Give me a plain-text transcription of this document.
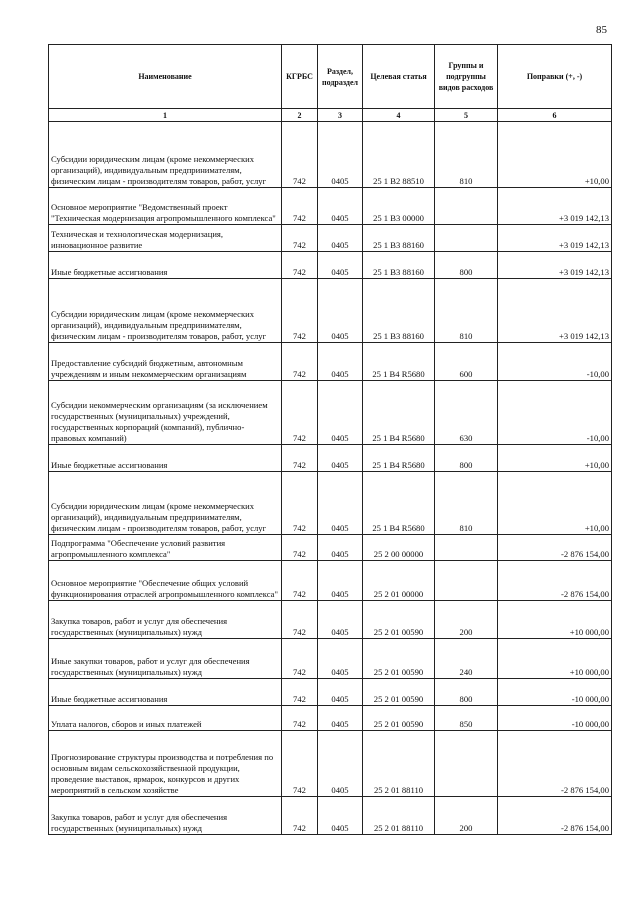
85
Наименование	КГРБС	Раздел, подраздел	Целевая статья	Группы и подгруппы видов расходов	Поправки (+, -)
1	2	3	4	5	6
Субсидии юридическим лицам (кроме некоммерческих организаций), индивидуальным предпринимателям, физическим лицам - производителям товаров, работ, услуг	742	0405	25 1 B2 88510	810	+10,00
Основное мероприятие "Ведомственный проект "Техническая модернизация агропромышленного комплекса"	742	0405	25 1 B3 00000		+3 019 142,13
Техническая и технологическая модернизация, инновационное развитие	742	0405	25 1 B3 88160		+3 019 142,13
Иные бюджетные ассигнования	742	0405	25 1 B3 88160	800	+3 019 142,13
Субсидии юридическим лицам (кроме некоммерческих организаций), индивидуальным предпринимателям, физическим лицам - производителям товаров, работ, услуг	742	0405	25 1 B3 88160	810	+3 019 142,13
Предоставление субсидий бюджетным, автономным учреждениям и иным некоммерческим организациям	742	0405	25 1 B4 R5680	600	-10,00
Субсидии некоммерческим организациям (за исключением государственных (муниципальных) учреждений, государственных корпораций (компаний), публично-правовых компаний)	742	0405	25 1 B4 R5680	630	-10,00
Иные бюджетные ассигнования	742	0405	25 1 B4 R5680	800	+10,00
Субсидии юридическим лицам (кроме некоммерческих организаций), индивидуальным предпринимателям, физическим лицам - производителям товаров, работ, услуг	742	0405	25 1 B4 R5680	810	+10,00
Подпрограмма "Обеспечение условий развития агропромышленного комплекса"	742	0405	25 2 00 00000		-2 876 154,00
Основное мероприятие "Обеспечение общих условий функционирования отраслей агропромышленного комплекса"	742	0405	25 2 01 00000		-2 876 154,00
Закупка товаров, работ и услуг для обеспечения государственных (муниципальных) нужд	742	0405	25 2 01 00590	200	+10 000,00
Иные закупки товаров, работ и услуг для обеспечения государственных (муниципальных) нужд	742	0405	25 2 01 00590	240	+10 000,00
Иные бюджетные ассигнования	742	0405	25 2 01 00590	800	-10 000,00
Уплата налогов, сборов и иных платежей	742	0405	25 2 01 00590	850	-10 000,00
Прогнозирование структуры производства и потребления по основным видам сельскохозяйственной продукции, проведение выставок, ярмарок, конкурсов и других мероприятий в сельском хозяйстве	742	0405	25 2 01 88110		-2 876 154,00
Закупка товаров, работ и услуг для обеспечения государственных (муниципальных) нужд	742	0405	25 2 01 88110	200	-2 876 154,00
